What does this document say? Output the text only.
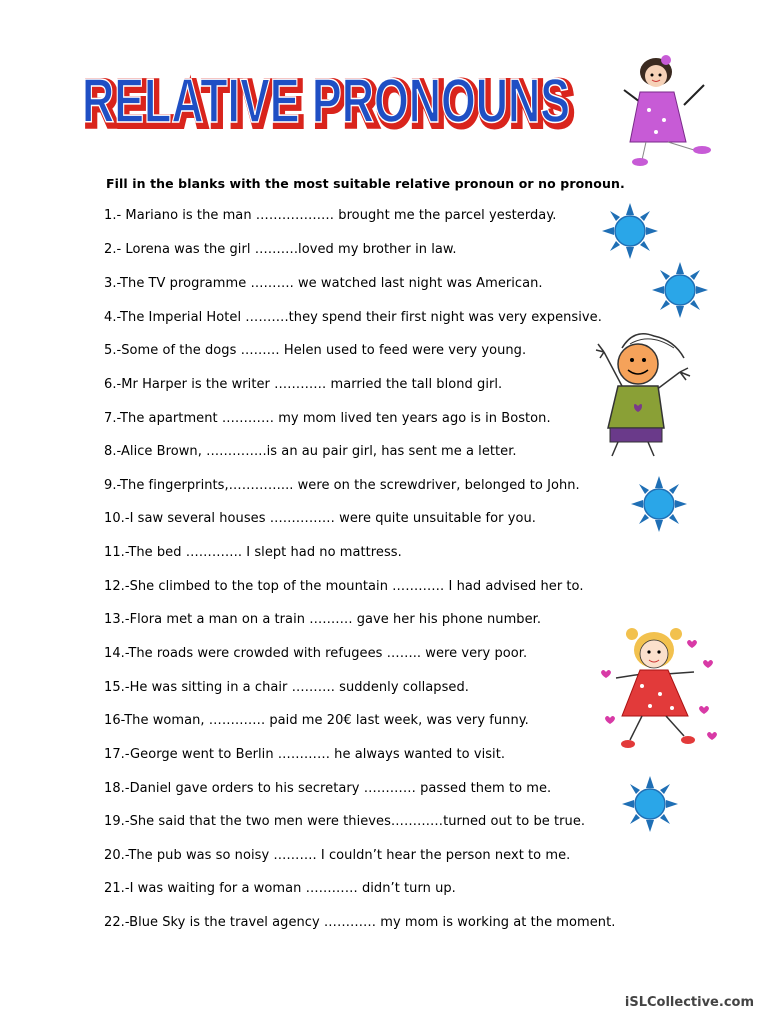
RELATIVE PRONOUNS
RELATIVE PRONOUNS
Fill in the blanks with the most suitable relative pronoun or no pronoun.
1.- Mariano is the man ……………… brought me the parcel yesterday.
2.- Lorena was the girl ……….loved my brother in law.
3.-The TV programme ………. we watched last night was American.
4.-The Imperial Hotel ……….they spend their first night was very expensive.
5.-Some of the dogs ……… Helen used to feed were very young.
6.-Mr Harper is the writer ………… married the tall blond girl.
7.-The apartment ………… my mom lived ten years ago is in Boston.
8.-Alice Brown, …………..is an au pair girl, has sent me a letter.
9.-The fingerprints,…………... were on the screwdriver, belonged to John.
10.-I saw several houses …………… were quite unsuitable for you.
11.-The bed …………. I slept had no mattress.
12.-She climbed to the top of the mountain ………… I had advised her to.
13.-Flora met a man on a train ………. gave her his phone number.
14.-The roads were crowded with refugees …….. were very poor.
15.-He was sitting in a chair ………. suddenly collapsed.
16-The woman, …………. paid me 20€ last week, was very funny.
17.-George went to Berlin ………… he always wanted to visit.
18.-Daniel gave orders to his secretary ………… passed them to me.
19.-She said that the two men were thieves…………turned out to be true.
20.-The pub was so noisy ………. I couldn’t hear the person next to me.
21.-I was waiting for a woman ………… didn’t turn up.
22.-Blue Sky is the travel agency ………… my mom is working at the moment.
iSLCollective.com
